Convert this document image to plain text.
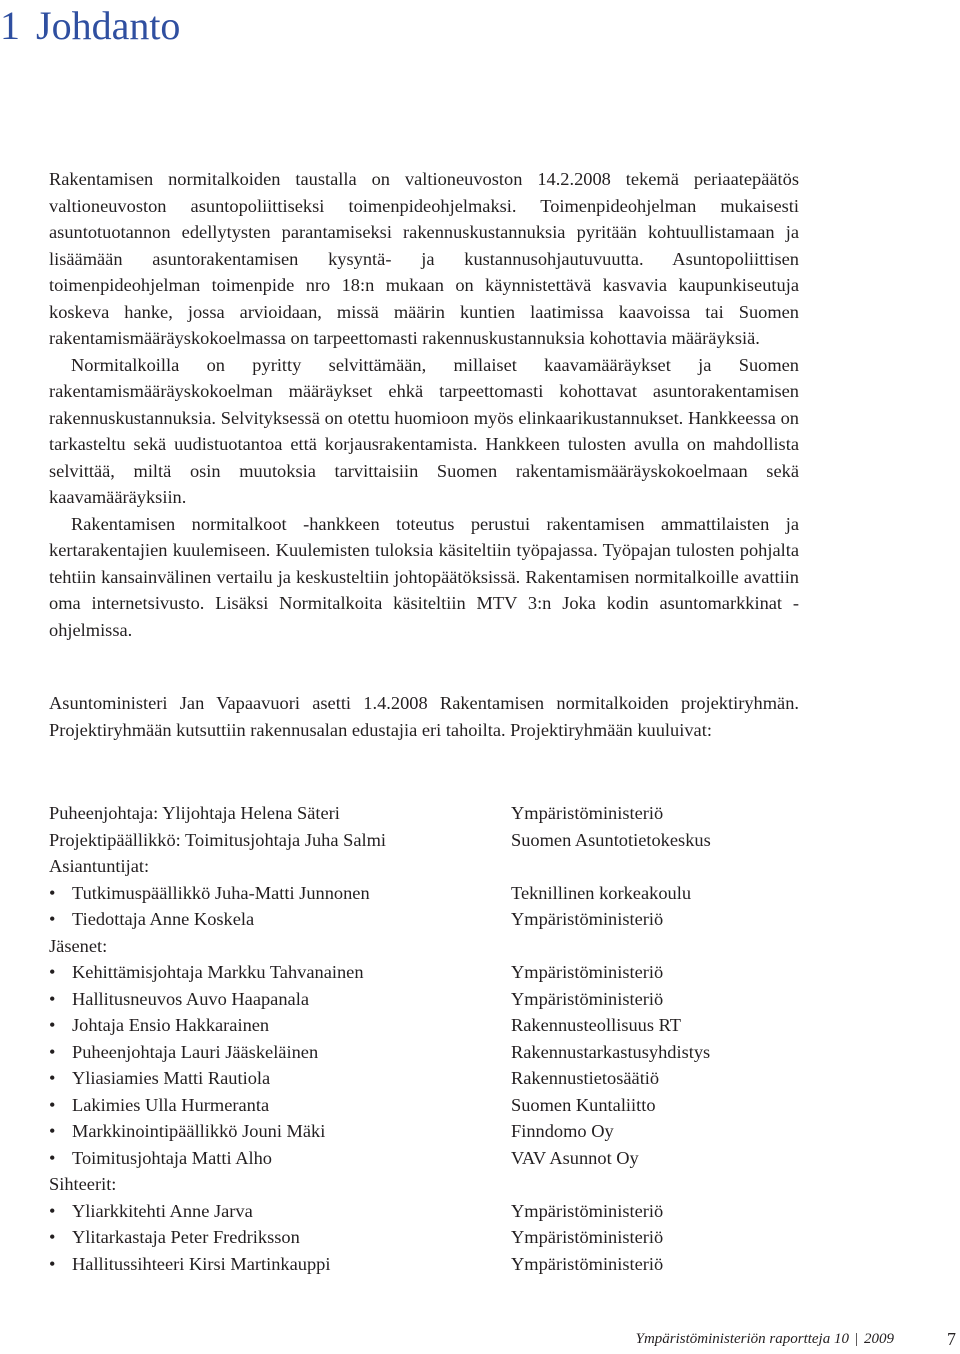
1 Johdanto

Rakentamisen normitalkoiden taustalla on valtioneuvoston 14.2.2008 tekemä periaatepäätös valtioneuvoston asuntopoliittiseksi toimenpideohjelmaksi. Toimenpideohjelman mukaisesti asuntotuotannon edellytysten parantamiseksi rakennuskustannuksia pyritään kohtuullistamaan ja lisäämään asuntorakentamisen kysyntä- ja kustannusohjautuvuutta. Asuntopoliittisen toimenpideohjelman toimenpide nro 18:n mukaan on käynnistettävä kasvavia kaupunkiseutuja koskeva hanke, jossa arvioidaan, missä määrin kuntien laatimissa kaavoissa tai Suomen rakentamismääräyskokoelmassa on tarpeettomasti rakennuskustannuksia kohottavia määräyksiä.

Normitalkoilla on pyritty selvittämään, millaiset kaavamääräykset ja Suomen rakentamismääräyskokoelman määräykset ehkä tarpeettomasti kohottavat asuntorakentamisen rakennuskustannuksia. Selvityksessä on otettu huomioon myös elinkaarikustannukset. Hankkeessa on tarkasteltu sekä uudistuotantoa että korjausrakentamista. Hankkeen tulosten avulla on mahdollista selvittää, miltä osin muutoksia tarvittaisiin Suomen rakentamismääräyskokoelmaan sekä kaavamääräyksiin.

Rakentamisen normitalkoot -hankkeen toteutus perustui rakentamisen ammattilaisten ja kertarakentajien kuulemiseen. Kuulemisten tuloksia käsiteltiin työpajassa. Työpajan tulosten pohjalta tehtiin kansainvälinen vertailu ja keskusteltiin johtopäätöksissä. Rakentamisen normitalkoille avattiin oma internetsivusto. Lisäksi Normitalkoita käsiteltiin MTV 3:n Joka kodin asuntomarkkinat -ohjelmissa.

Asuntoministeri Jan Vapaavuori asetti 1.4.2008 Rakentamisen normitalkoiden projektiryhmän. Projektiryhmään kutsuttiin rakennusalan edustajia eri tahoilta. Projektiryhmään kuuluivat:

Puheenjohtaja: Ylijohtaja Helena Säteri	Ympäristöministeriö
Projektipäällikkö: Toimitusjohtaja Juha Salmi	Suomen Asuntotietokeskus
Asiantuntijat:
• Tutkimuspäällikkö Juha-Matti Junnonen	Teknillinen korkeakoulu
• Tiedottaja Anne Koskela	Ympäristöministeriö
Jäsenet:
• Kehittämisjohtaja Markku Tahvanainen	Ympäristöministeriö
• Hallitusneuvos Auvo Haapanala	Ympäristöministeriö
• Johtaja Ensio Hakkarainen	Rakennusteollisuus RT
• Puheenjohtaja Lauri Jääskeläinen	Rakennustarkastusyhdistys
• Yliasiamies Matti Rautiola	Rakennustietosäätiö
• Lakimies Ulla Hurmeranta	Suomen Kuntaliitto
• Markkinointipäällikkö Jouni Mäki	Finndomo Oy
• Toimitusjohtaja Matti Alho	VAV Asunnot Oy
Sihteerit:
• Yliarkkitehti Anne Jarva	Ympäristöministeriö
• Ylitarkastaja Peter Fredriksson	Ympäristöministeriö
• Hallitussihteeri Kirsi Martinkauppi	Ympäristöministeriö
Ympäristöministeriön raportteja 10 | 2009	7
